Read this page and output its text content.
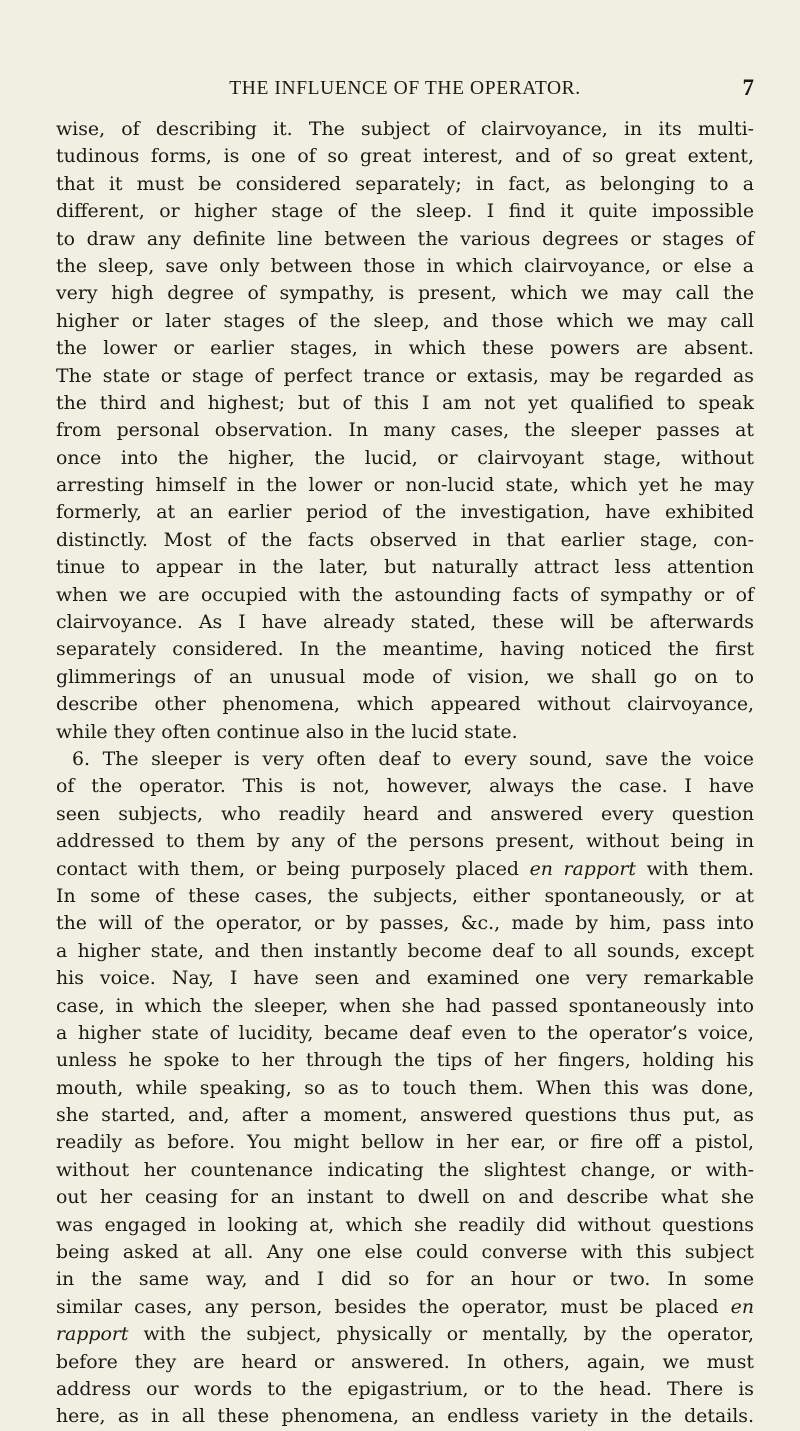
THE INFLUENCE OF THE OPERATOR.	7
wise, of describing it. The subject of clairvoyance, in its multi-
tudinous forms, is one of so great interest, and of so great extent,
that it must be considered separately; in fact, as belonging to a
different, or higher stage of the sleep. I find it quite impossible
to draw any definite line between the various degrees or stages of
the sleep, save only between those in which clairvoyance, or else a
very high degree of sympathy, is present, which we may call the
higher or later stages of the sleep, and those which we may call
the lower or earlier stages, in which these powers are absent.
The state or stage of perfect trance or extasis, may be regarded as
the third and highest; but of this I am not yet qualified to speak
from personal observation. In many cases, the sleeper passes at
once into the higher, the lucid, or clairvoyant stage, without
arresting himself in the lower or non-lucid state, which yet he may
formerly, at an earlier period of the investigation, have exhibited
distinctly. Most of the facts observed in that earlier stage, con-
tinue to appear in the later, but naturally attract less attention
when we are occupied with the astounding facts of sympathy or of
clairvoyance. As I have already stated, these will be afterwards
separately considered. In the meantime, having noticed the first
glimmerings of an unusual mode of vision, we shall go on to
describe other phenomena, which appeared without clairvoyance,
while they often continue also in the lucid state.
6. The sleeper is very often deaf to every sound, save the voice
of the operator. This is not, however, always the case. I have
seen subjects, who readily heard and answered every question
addressed to them by any of the persons present, without being in
contact with them, or being purposely placed en rapport with them.
In some of these cases, the subjects, either spontaneously, or at
the will of the operator, or by passes, &c., made by him, pass into
a higher state, and then instantly become deaf to all sounds, except
his voice. Nay, I have seen and examined one very remarkable
case, in which the sleeper, when she had passed spontaneously into
a higher state of lucidity, became deaf even to the operator’s voice,
unless he spoke to her through the tips of her fingers, holding his
mouth, while speaking, so as to touch them. When this was done,
she started, and, after a moment, answered questions thus put, as
readily as before. You might bellow in her ear, or fire off a pistol,
without her countenance indicating the slightest change, or with-
out her ceasing for an instant to dwell on and describe what she
was engaged in looking at, which she readily did without questions
being asked at all. Any one else could converse with this subject
in the same way, and I did so for an hour or two. In some
similar cases, any person, besides the operator, must be placed en
rapport with the subject, physically or mentally, by the operator,
before they are heard or answered. In others, again, we must
address our words to the epigastrium, or to the head. There is
here, as in all these phenomena, an endless variety in the details.
